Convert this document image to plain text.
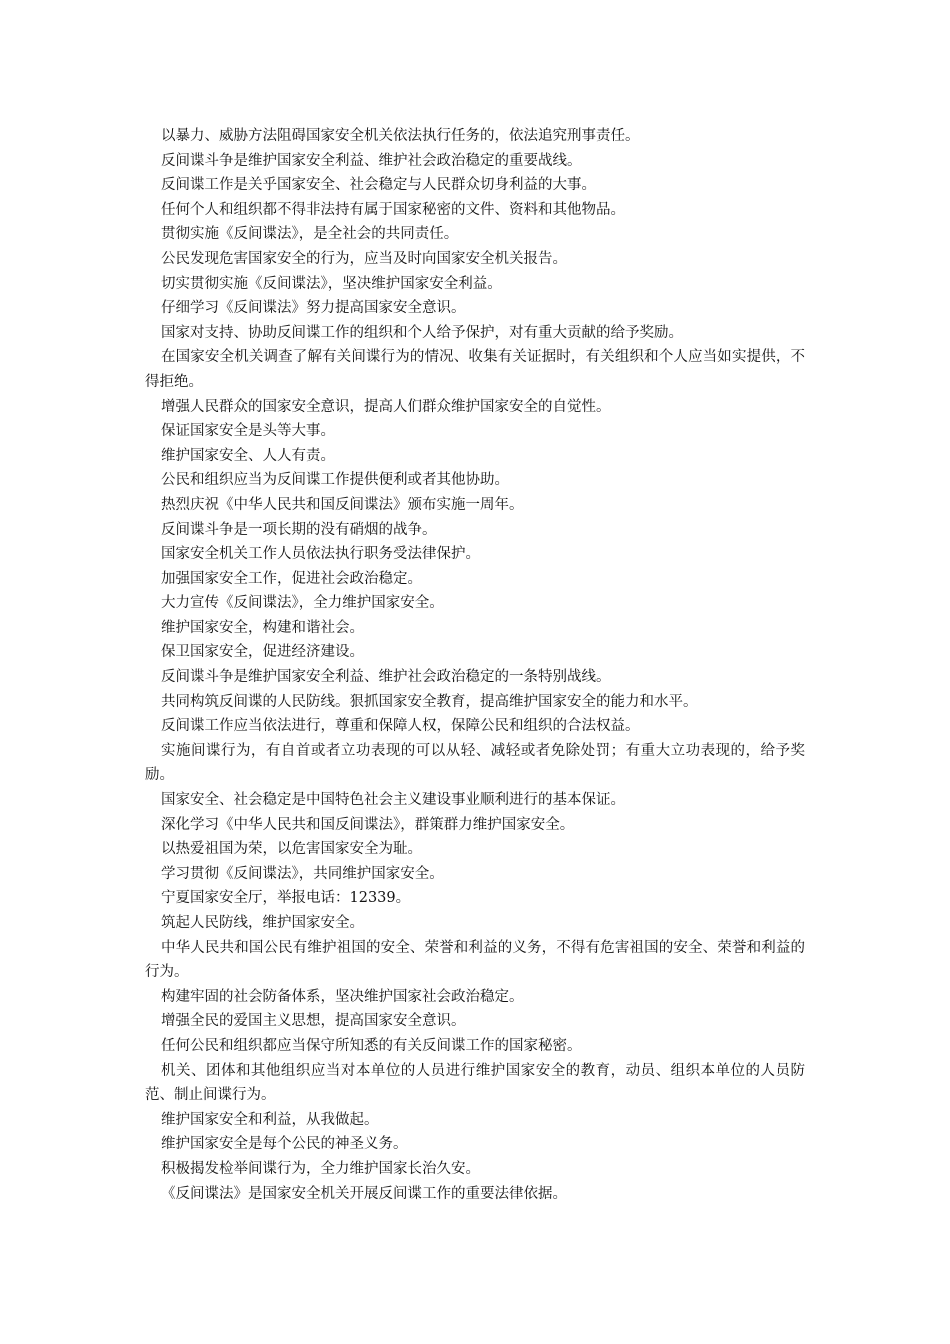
以暴力、威胁方法阻碍国家安全机关依法执行任务的，依法追究刑事责任。

反间谍斗争是维护国家安全利益、维护社会政治稳定的重要战线。

反间谍工作是关乎国家安全、社会稳定与人民群众切身利益的大事。

任何个人和组织都不得非法持有属于国家秘密的文件、资料和其他物品。

贯彻实施《反间谍法》，是全社会的共同责任。

公民发现危害国家安全的行为，应当及时向国家安全机关报告。

切实贯彻实施《反间谍法》，坚决维护国家安全利益。

仔细学习《反间谍法》努力提高国家安全意识。

国家对支持、协助反间谍工作的组织和个人给予保护，对有重大贡献的给予奖励。

在国家安全机关调查了解有关间谍行为的情况、收集有关证据时，有关组织和个人应当如实提供，不得拒绝。

增强人民群众的国家安全意识，提高人们群众维护国家安全的自觉性。

保证国家安全是头等大事。

维护国家安全、人人有责。

公民和组织应当为反间谍工作提供便利或者其他协助。

热烈庆祝《中华人民共和国反间谍法》颁布实施一周年。

反间谍斗争是一项长期的没有硝烟的战争。

国家安全机关工作人员依法执行职务受法律保护。

加强国家安全工作，促进社会政治稳定。

大力宣传《反间谍法》，全力维护国家安全。

维护国家安全，构建和谐社会。

保卫国家安全，促进经济建设。

反间谍斗争是维护国家安全利益、维护社会政治稳定的一条特别战线。

共同构筑反间谍的人民防线。狠抓国家安全教育，提高维护国家安全的能力和水平。

反间谍工作应当依法进行，尊重和保障人权，保障公民和组织的合法权益。

实施间谍行为，有自首或者立功表现的可以从轻、减轻或者免除处罚；有重大立功表现的，给予奖励。

国家安全、社会稳定是中国特色社会主义建设事业顺利进行的基本保证。

深化学习《中华人民共和国反间谍法》，群策群力维护国家安全。

以热爱祖国为荣，以危害国家安全为耻。

学习贯彻《反间谍法》，共同维护国家安全。

宁夏国家安全厅，举报电话：12339。

筑起人民防线，维护国家安全。

中华人民共和国公民有维护祖国的安全、荣誉和利益的义务，不得有危害祖国的安全、荣誉和利益的行为。

构建牢固的社会防备体系，坚决维护国家社会政治稳定。

增强全民的爱国主义思想，提高国家安全意识。

任何公民和组织都应当保守所知悉的有关反间谍工作的国家秘密。

机关、团体和其他组织应当对本单位的人员进行维护国家安全的教育，动员、组织本单位的人员防范、制止间谍行为。

维护国家安全和利益，从我做起。

维护国家安全是每个公民的神圣义务。

积极揭发检举间谍行为，全力维护国家长治久安。

《反间谍法》是国家安全机关开展反间谍工作的重要法律依据。
